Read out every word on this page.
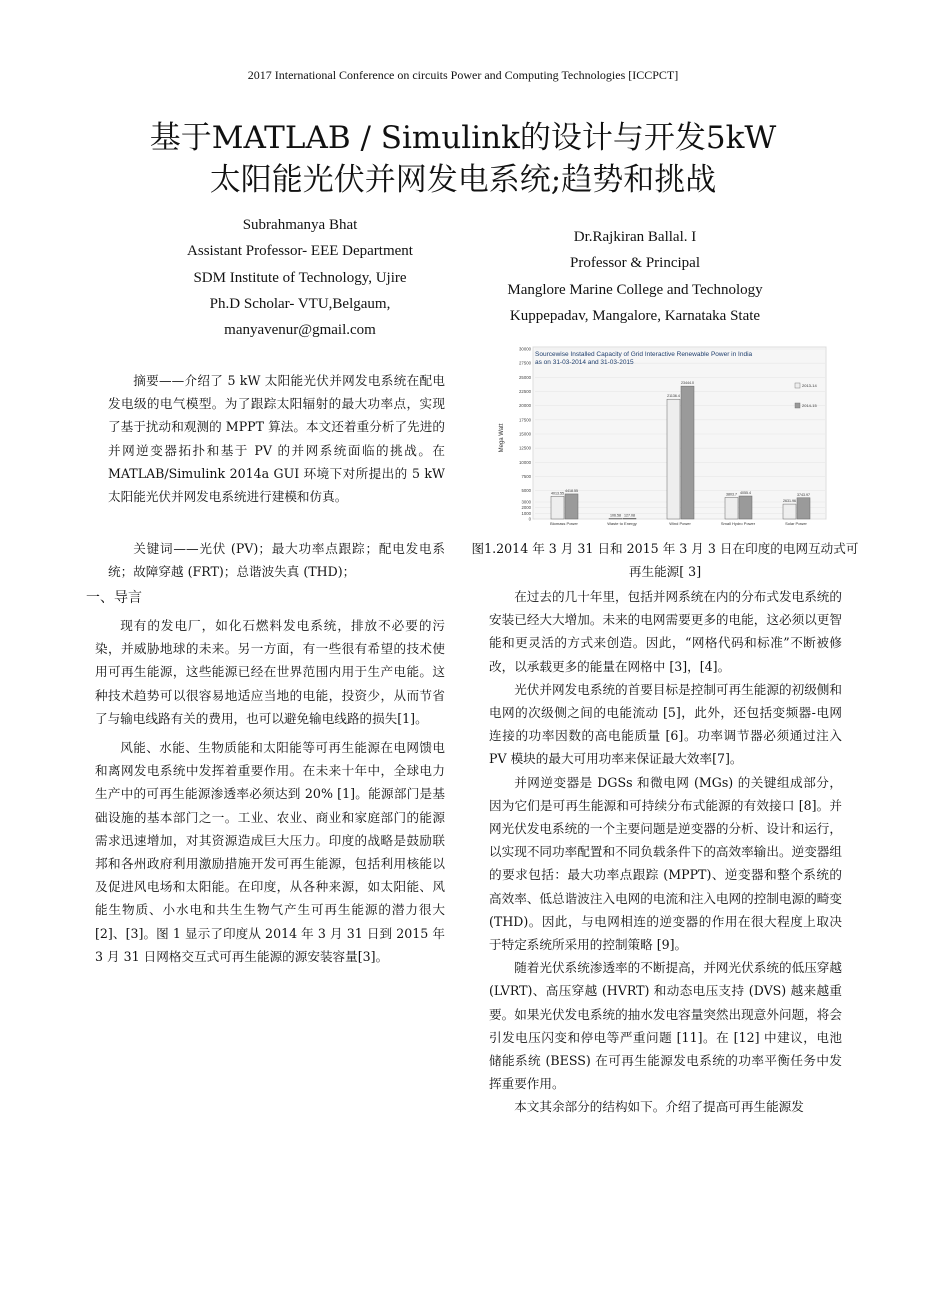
2017 International Conference on circuits Power and Computing Technologies [ICCPCT]
基于MATLAB / Simulink的设计与开发5kW
太阳能光伏并网发电系统;趋势和挑战
Subrahmanya Bhat
Assistant Professor- EEE Department
SDM Institute of Technology, Ujire
Ph.D Scholar- VTU,Belgaum,
manyavenur@gmail.com
Dr.Rajkiran Ballal. I
Professor & Principal
Manglore Marine College and Technology
Kuppepadav, Mangalore, Karnataka State
摘要——介绍了 5 kW 太阳能光伏并网发电系统在配电发电级的电气模型。为了跟踪太阳辐射的最大功率点，实现了基于扰动和观测的 MPPT 算法。本文还着重分析了先进的并网逆变器拓扑和基于 PV 的并网系统面临的挑战。在 MATLAB/Simulink 2014a GUI 环境下对所提出的 5 kW 太阳能光伏并网发电系统进行建模和仿真。
关键词——光伏 (PV)；最大功率点跟踪；配电发电系统；故障穿越 (FRT)；总谐波失真 (THD)；
一、导言

现有的发电厂，如化石燃料发电系统，排放不必要的污染，并威胁地球的未来。另一方面，有一些很有希望的技术使用可再生能源，这些能源已经在世界范围内用于生产电能。这种技术趋势可以很容易地适应当地的电能，投资少，从而节省了与输电线路有关的费用，也可以避免输电线路的损失[1]。

风能、水能、生物质能和太阳能等可再生能源在电网馈电和离网发电系统中发挥着重要作用。在未来十年中，全球电力生产中的可再生能源渗透率必须达到 20% [1]。能源部门是基础设施的基本部门之一。工业、农业、商业和家庭部门的能源需求迅速增加，对其资源造成巨大压力。印度的战略是鼓励联邦和各州政府利用激励措施开发可再生能源，包括利用核能以及促进风电场和太阳能。在印度，从各种来源，如太阳能、风能生物质、小水电和共生生物气产生可再生能源的潜力很大[2]、[3]。图 1 显示了印度从 2014 年 3 月 31 日到 2015 年 3 月 31 日网格交互式可再生能源的源安装容量[3]。

Sourcewise Installed Capacity of Grid Interactive Renewable Power in India as on 31-03-2014 and 31-03-2015
Mega Watt
0
1000
2000
3000
5000
7500
10000
12500
15000
17500
20000
22500
25000
27500
30000
4013.55
4418.55
106.58 127.08
21136.4
23444.0
3803.7 4055.4
2631.96
3743.97
Biomass Power	Waste to Energy	Wind Power	Small Hydro Power	Solar Power
2013-14
2014-15
图1.2014 年 3 月 31 日和 2015 年 3 月 3 日在印度的电网互动式可再生能源[ 3]

在过去的几十年里，包括并网系统在内的分布式发电系统的安装已经大大增加。未来的电网需要更多的电能，这必须以更智能和更灵活的方式来创造。因此，“网格代码和标准”不断被修改，以承载更多的能量在网格中 [3]，[4]。

光伏并网发电系统的首要目标是控制可再生能源的初级侧和电网的次级侧之间的电能流动 [5]，此外，还包括变频器-电网连接的功率因数的高电能质量 [6]。功率调节器必须通过注入 PV 模块的最大可用功率来保证最大效率[7]。

并网逆变器是 DGSs 和微电网 (MGs) 的关键组成部分，因为它们是可再生能源和可持续分布式能源的有效接口 [8]。并网光伏发电系统的一个主要问题是逆变器的分析、设计和运行，以实现不同功率配置和不同负载条件下的高效率输出。逆变器组的要求包括：最大功率点跟踪 (MPPT)、逆变器和整个系统的高效率、低总谐波注入电网的电流和注入电网的控制电源的畸变 (THD)。因此，与电网相连的逆变器的作用在很大程度上取决于特定系统所采用的控制策略 [9]。

随着光伏系统渗透率的不断提高，并网光伏系统的低压穿越 (LVRT)、高压穿越 (HVRT) 和动态电压支持 (DVS) 越来越重要。如果光伏发电系统的抽水发电容量突然出现意外问题，将会引发电压闪变和停电等严重问题 [11]。在 [12] 中建议，电池储能系统 (BESS) 在可再生能源发电系统的功率平衡任务中发挥重要作用。

本文其余部分的结构如下。介绍了提高可再生能源发
